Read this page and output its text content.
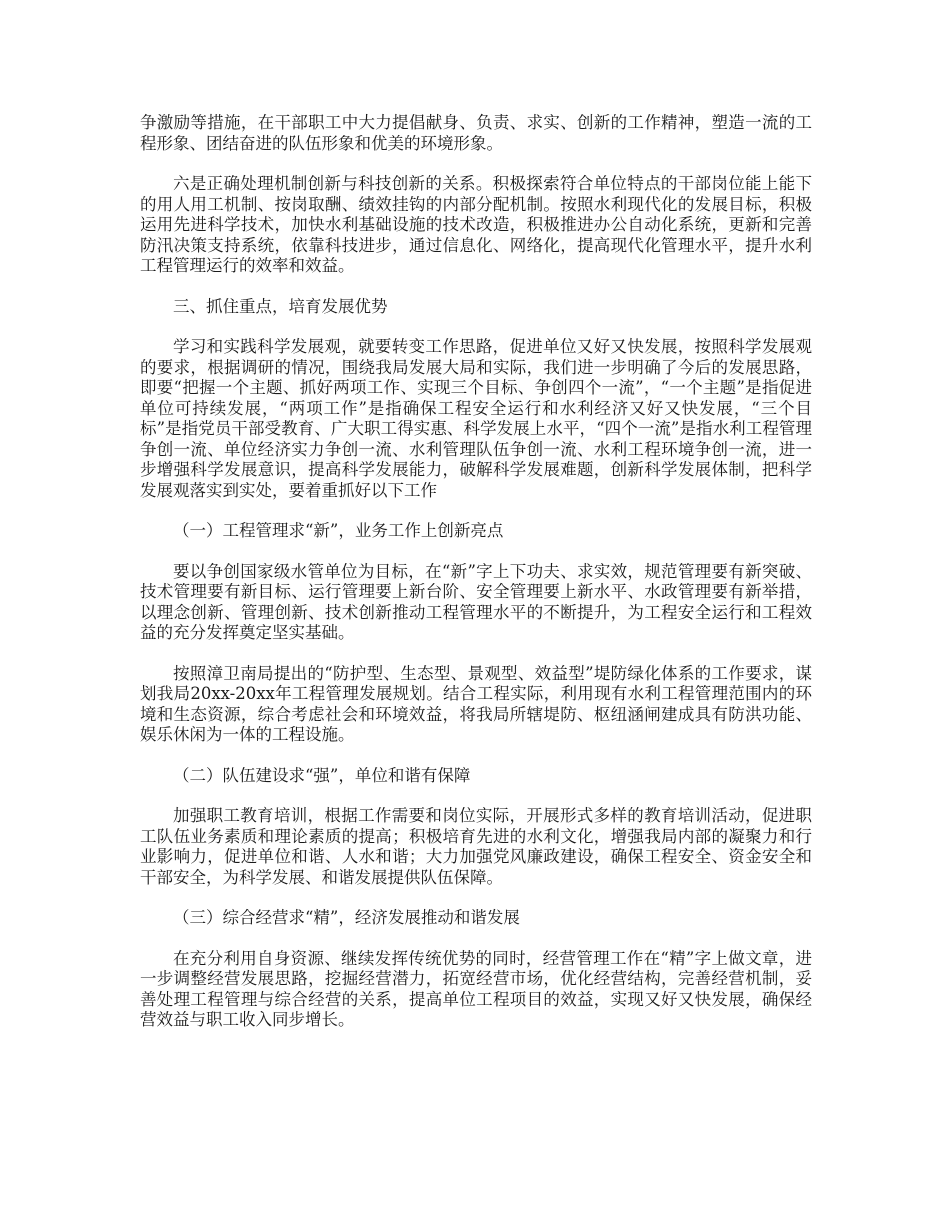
争激励等措施，在干部职工中大力提倡献身、负责、求实、创新的工作精神，塑造一流的工程形象、团结奋进的队伍形象和优美的环境形象。

六是正确处理机制创新与科技创新的关系。积极探索符合单位特点的干部岗位能上能下的用人用工机制、按岗取酬、绩效挂钩的内部分配机制。按照水利现代化的发展目标，积极运用先进科学技术，加快水利基础设施的技术改造，积极推进办公自动化系统，更新和完善防汛决策支持系统，依靠科技进步，通过信息化、网络化，提高现代化管理水平，提升水利工程管理运行的效率和效益。

三、抓住重点，培育发展优势

学习和实践科学发展观，就要转变工作思路，促进单位又好又快发展，按照科学发展观的要求，根据调研的情况，围绕我局发展大局和实际，我们进一步明确了今后的发展思路，即要“把握一个主题、抓好两项工作、实现三个目标、争创四个一流”，“一个主题”是指促进单位可持续发展，“两项工作”是指确保工程安全运行和水利经济又好又快发展，“三个目标”是指党员干部受教育、广大职工得实惠、科学发展上水平，“四个一流”是指水利工程管理争创一流、单位经济实力争创一流、水利管理队伍争创一流、水利工程环境争创一流，进一步增强科学发展意识，提高科学发展能力，破解科学发展难题，创新科学发展体制，把科学发展观落实到实处，要着重抓好以下工作

（一）工程管理求“新”，业务工作上创新亮点

要以争创国家级水管单位为目标，在“新”字上下功夫、求实效，规范管理要有新突破、技术管理要有新目标、运行管理要上新台阶、安全管理要上新水平、水政管理要有新举措，以理念创新、管理创新、技术创新推动工程管理水平的不断提升，为工程安全运行和工程效益的充分发挥奠定坚实基础。

按照漳卫南局提出的“防护型、生态型、景观型、效益型”堤防绿化体系的工作要求，谋划我局20xx-20xx年工程管理发展规划。结合工程实际，利用现有水利工程管理范围内的环境和生态资源，综合考虑社会和环境效益，将我局所辖堤防、枢纽涵闸建成具有防洪功能、娱乐休闲为一体的工程设施。

（二）队伍建设求“强”，单位和谐有保障

加强职工教育培训，根据工作需要和岗位实际，开展形式多样的教育培训活动，促进职工队伍业务素质和理论素质的提高；积极培育先进的水利文化，增强我局内部的凝聚力和行业影响力，促进单位和谐、人水和谐；大力加强党风廉政建设，确保工程安全、资金安全和干部安全，为科学发展、和谐发展提供队伍保障。

（三）综合经营求“精”，经济发展推动和谐发展

在充分利用自身资源、继续发挥传统优势的同时，经营管理工作在“精”字上做文章，进一步调整经营发展思路，挖掘经营潜力，拓宽经营市场，优化经营结构，完善经营机制，妥善处理工程管理与综合经营的关系，提高单位工程项目的效益，实现又好又快发展，确保经营效益与职工收入同步增长。
